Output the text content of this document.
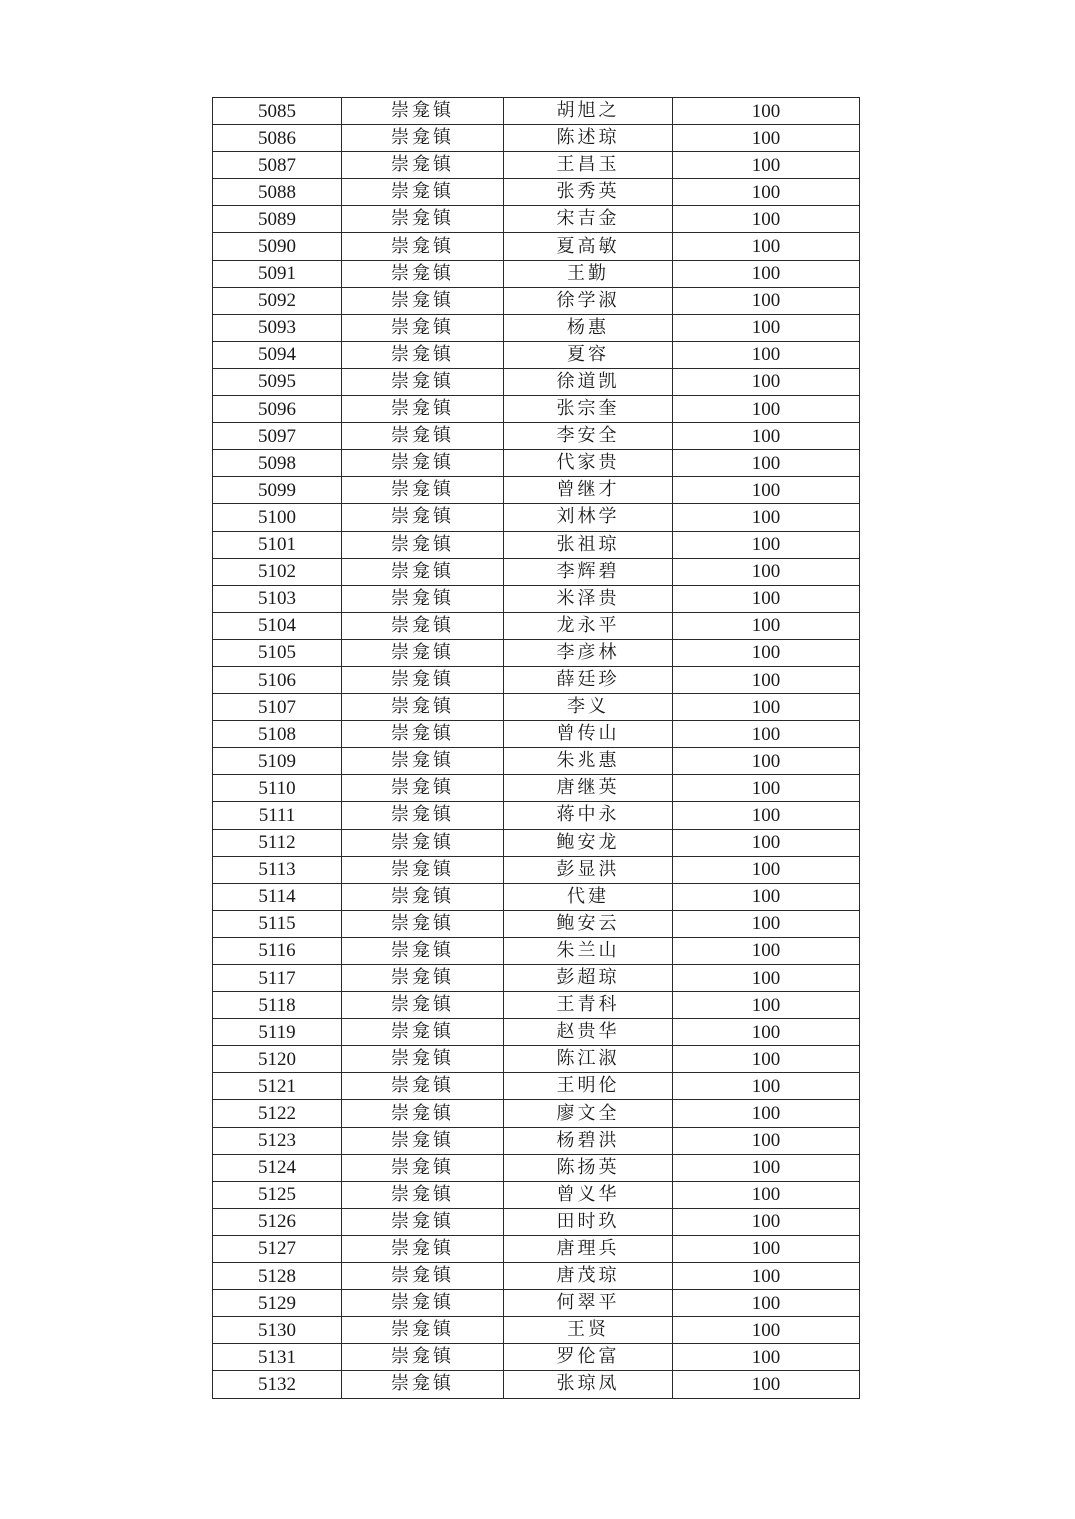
5085	崇龛镇	胡旭之	100
5086	崇龛镇	陈述琼	100
5087	崇龛镇	王昌玉	100
5088	崇龛镇	张秀英	100
5089	崇龛镇	宋吉金	100
5090	崇龛镇	夏高敏	100
5091	崇龛镇	王勤	100
5092	崇龛镇	徐学淑	100
5093	崇龛镇	杨惠	100
5094	崇龛镇	夏容	100
5095	崇龛镇	徐道凯	100
5096	崇龛镇	张宗奎	100
5097	崇龛镇	李安全	100
5098	崇龛镇	代家贵	100
5099	崇龛镇	曾继才	100
5100	崇龛镇	刘林学	100
5101	崇龛镇	张祖琼	100
5102	崇龛镇	李辉碧	100
5103	崇龛镇	米泽贵	100
5104	崇龛镇	龙永平	100
5105	崇龛镇	李彦林	100
5106	崇龛镇	薛廷珍	100
5107	崇龛镇	李义	100
5108	崇龛镇	曾传山	100
5109	崇龛镇	朱兆惠	100
5110	崇龛镇	唐继英	100
5111	崇龛镇	蒋中永	100
5112	崇龛镇	鲍安龙	100
5113	崇龛镇	彭显洪	100
5114	崇龛镇	代建	100
5115	崇龛镇	鲍安云	100
5116	崇龛镇	朱兰山	100
5117	崇龛镇	彭超琼	100
5118	崇龛镇	王青科	100
5119	崇龛镇	赵贵华	100
5120	崇龛镇	陈江淑	100
5121	崇龛镇	王明伦	100
5122	崇龛镇	廖文全	100
5123	崇龛镇	杨碧洪	100
5124	崇龛镇	陈扬英	100
5125	崇龛镇	曾义华	100
5126	崇龛镇	田时玖	100
5127	崇龛镇	唐理兵	100
5128	崇龛镇	唐茂琼	100
5129	崇龛镇	何翠平	100
5130	崇龛镇	王贤	100
5131	崇龛镇	罗伦富	100
5132	崇龛镇	张琼凤	100
